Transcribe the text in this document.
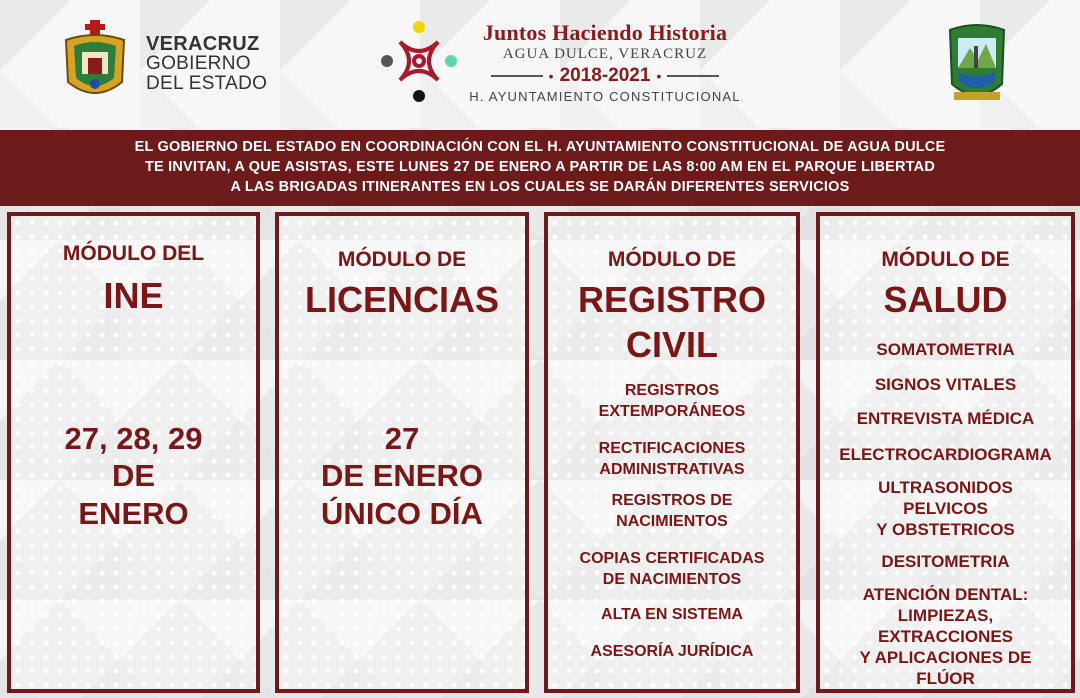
VERACRUZ
GOBIERNO
DEL ESTADO
Juntos Haciendo Historia
AGUA DULCE, VERACRUZ
• 2018-2021 •
H. AYUNTAMIENTO CONSTITUCIONAL
EL GOBIERNO DEL ESTADO EN COORDINACIÓN CON EL H. AYUNTAMIENTO CONSTITUCIONAL DE AGUA DULCE
TE INVITAN, A QUE ASISTAS, ESTE LUNES 27 DE ENERO A PARTIR DE LAS 8:00 AM EN EL PARQUE LIBERTAD
A LAS BRIGADAS ITINERANTES EN LOS CUALES SE DARÁN DIFERENTES SERVICIOS
MÓDULO DEL
INE
27, 28, 29
DE
ENERO
MÓDULO DE
LICENCIAS
27
DE ENERO
ÚNICO DÍA
MÓDULO DE
REGISTRO
CIVIL
REGISTROS
EXTEMPORÁNEOS
RECTIFICACIONES
ADMINISTRATIVAS
REGISTROS DE
NACIMIENTOS
COPIAS CERTIFICADAS
DE NACIMIENTOS
ALTA EN SISTEMA
ASESORÍA JURÍDICA
MÓDULO DE
SALUD
SOMATOMETRIA
SIGNOS VITALES
ENTREVISTA MÉDICA
ELECTROCARDIOGRAMA
ULTRASONIDOS
PELVICOS
Y OBSTETRICOS
DESITOMETRIA
ATENCIÓN DENTAL:
LIMPIEZAS,
EXTRACCIONES
Y APLICACIONES DE
FLÚOR
